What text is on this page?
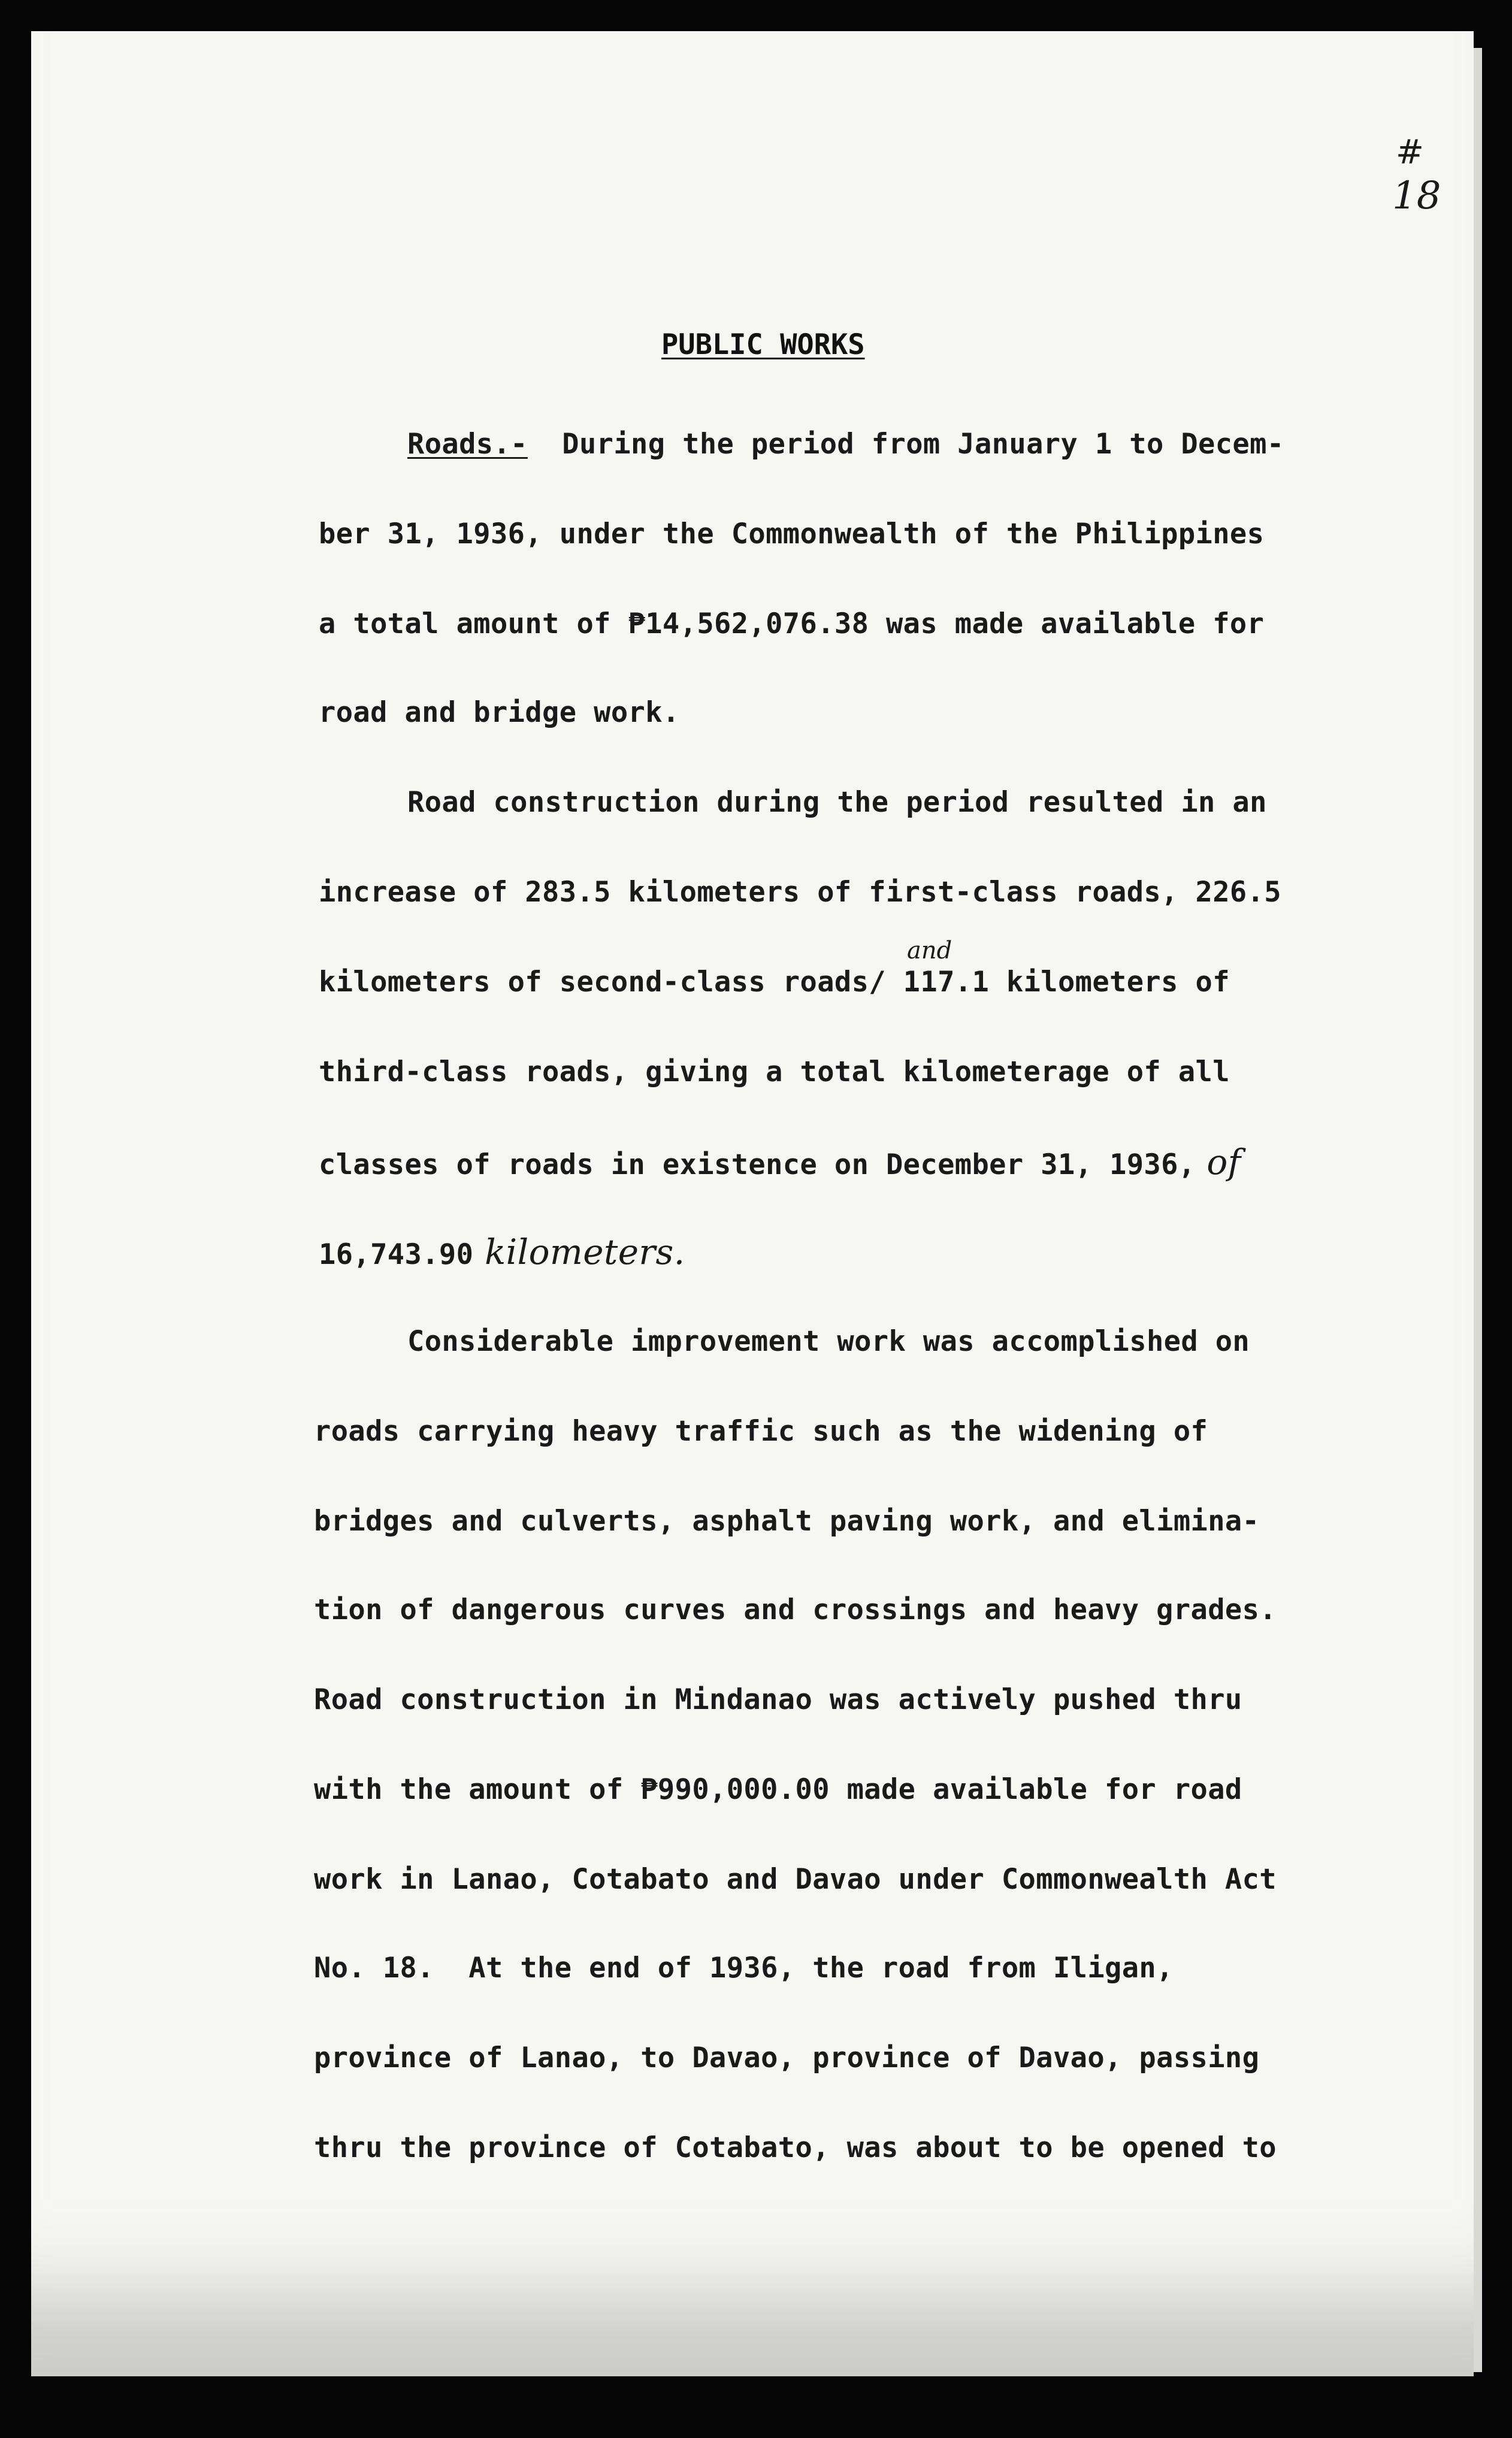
#
18
PUBLIC WORKS
Roads.-  During the period from January 1 to Decem-
ber 31, 1936, under the Commonwealth of the Philippines
a total amount of ₱14,562,076.38 was made available for
road and bridge work.
Road construction during the period resulted in an
increase of 283.5 kilometers of first-class roads, 226.5
and
kilometers of second-class roads/ 117.1 kilometers of
third-class roads, giving a total kilometerage of all
classes of roads in existence on December 31, 1936, of
16,743.90 kilometers.
Considerable improvement work was accomplished on
roads carrying heavy traffic such as the widening of
bridges and culverts, asphalt paving work, and elimina-
tion of dangerous curves and crossings and heavy grades.
Road construction in Mindanao was actively pushed thru
with the amount of ₱990,000.00 made available for road
work in Lanao, Cotabato and Davao under Commonwealth Act
No. 18.  At the end of 1936, the road from Iligan,
province of Lanao, to Davao, province of Davao, passing
thru the province of Cotabato, was about to be opened to
